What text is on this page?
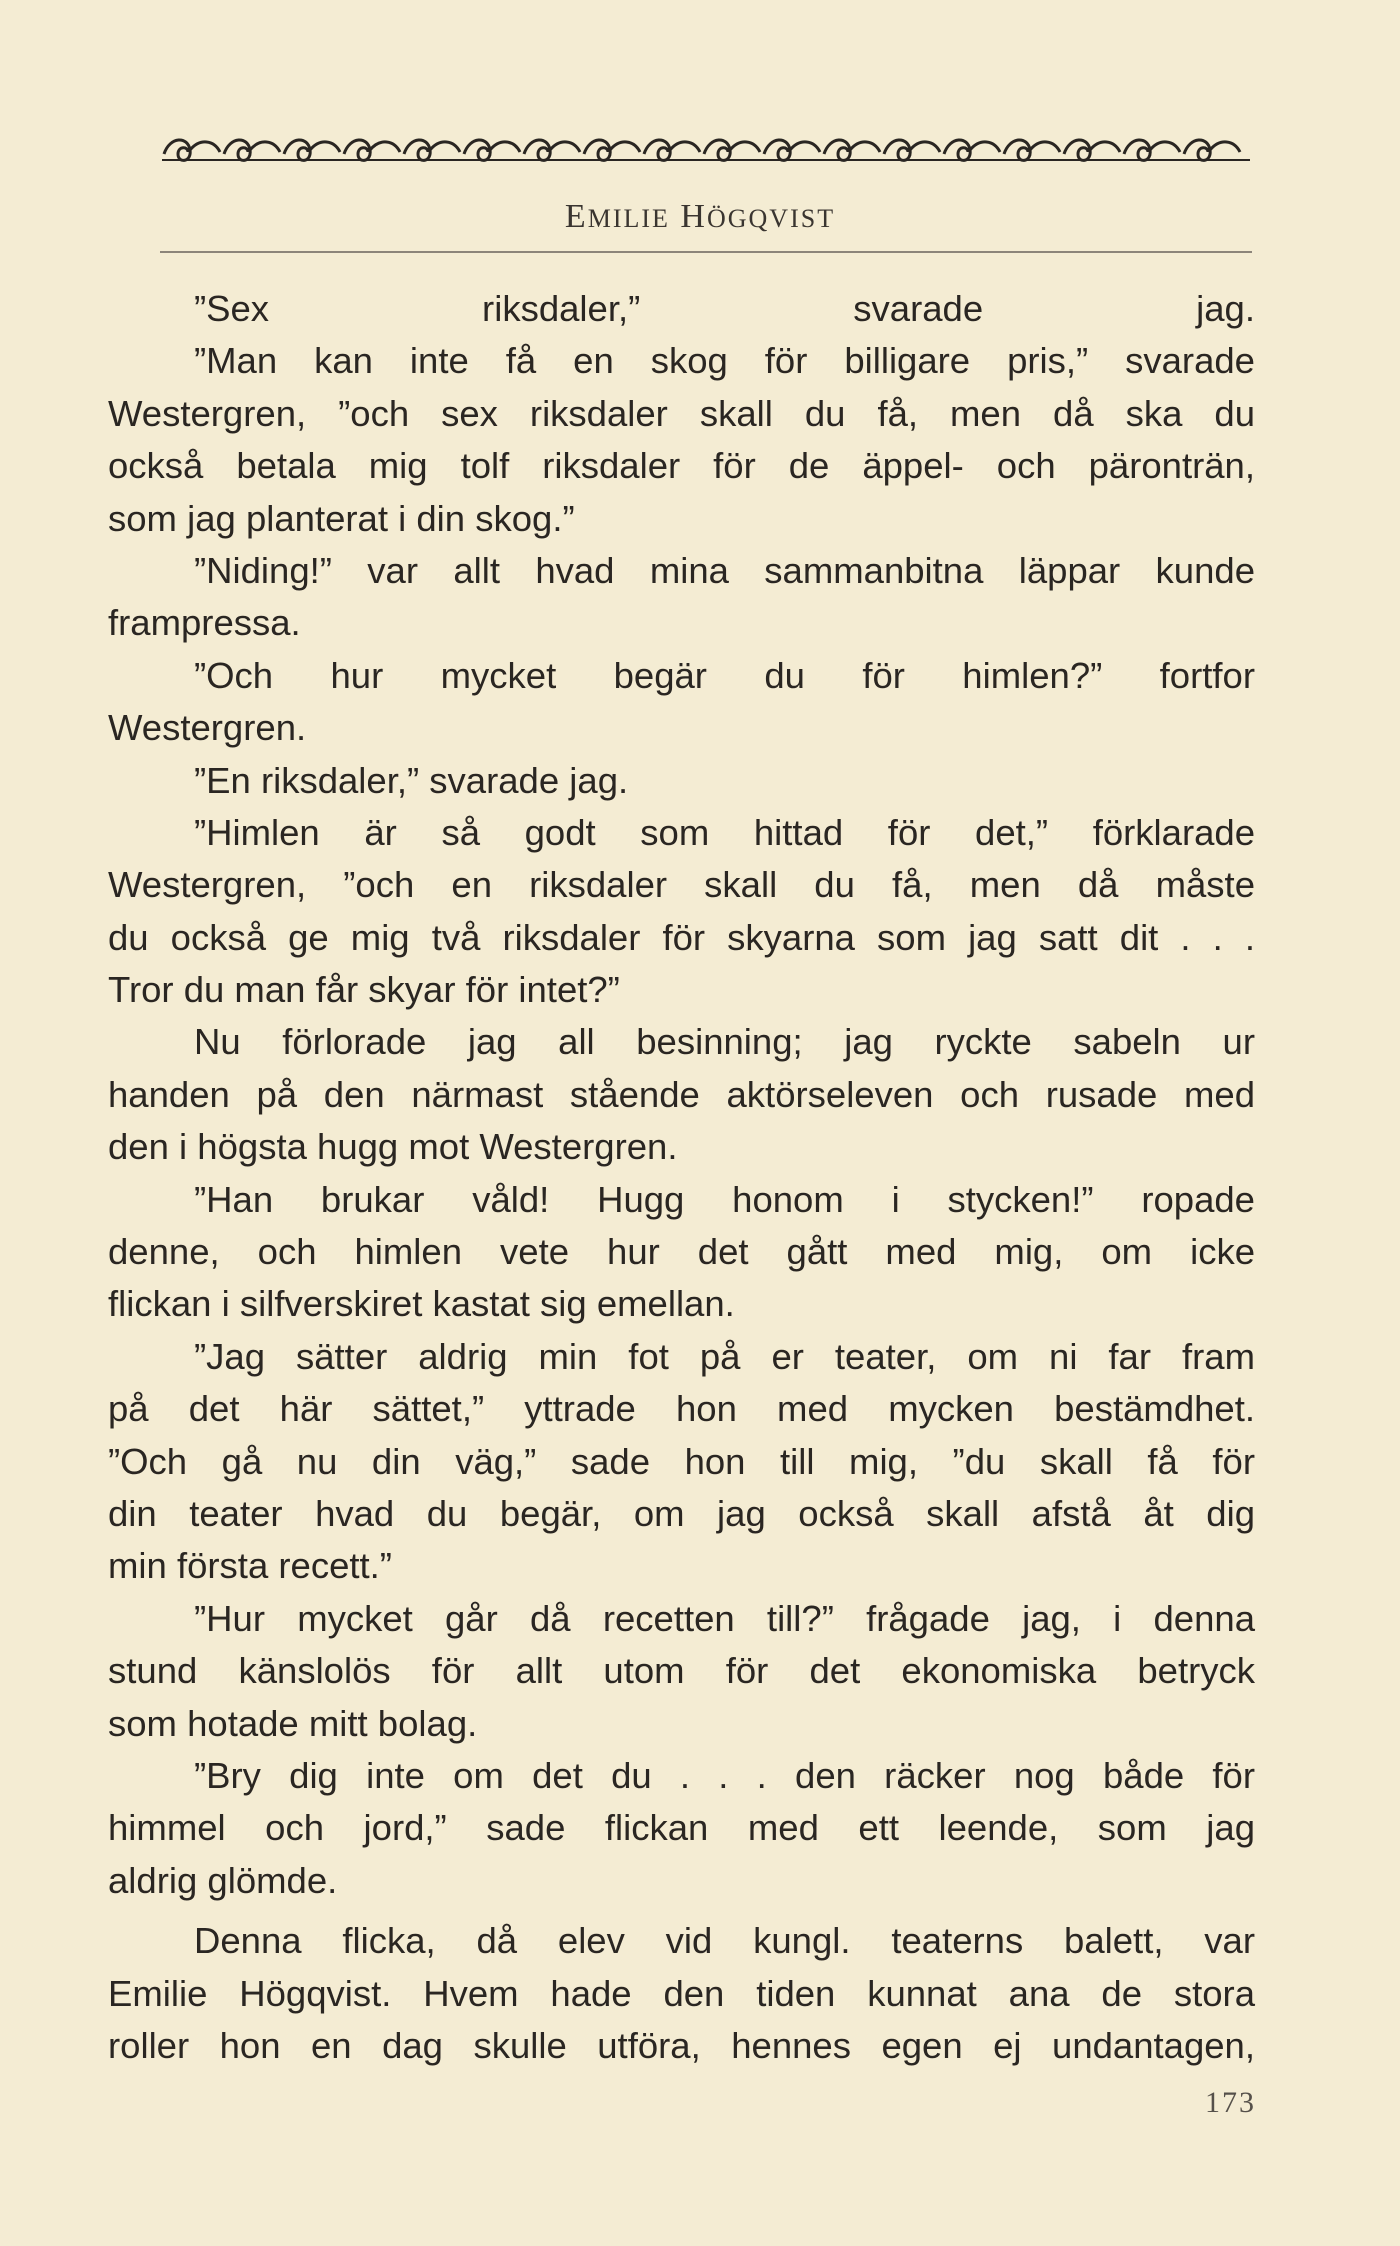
EMILIE HÖGQVIST
”Sex riksdaler,” svarade jag.
”Man kan inte få en skog för billigare pris,” svarade
Westergren, ”och sex riksdaler skall du få, men då ska du
också betala mig tolf riksdaler för de äppel- och päronträn,
som jag planterat i din skog.”
”Niding!” var allt hvad mina sammanbitna läppar kunde
frampressa.
”Och hur mycket begär du för himlen?” fortfor
Westergren.
”En riksdaler,” svarade jag.
”Himlen är så godt som hittad för det,” förklarade
Westergren, ”och en riksdaler skall du få, men då måste
du också ge mig två riksdaler för skyarna som jag satt dit . . .
Tror du man får skyar för intet?”
Nu förlorade jag all besinning; jag ryckte sabeln ur
handen på den närmast stående aktörseleven och rusade med
den i högsta hugg mot Westergren.
”Han brukar våld! Hugg honom i stycken!” ropade
denne, och himlen vete hur det gått med mig, om icke
flickan i silfverskiret kastat sig emellan.
”Jag sätter aldrig min fot på er teater, om ni far fram
på det här sättet,” yttrade hon med mycken bestämdhet.
”Och gå nu din väg,” sade hon till mig, ”du skall få för
din teater hvad du begär, om jag också skall afstå åt dig
min första recett.”
”Hur mycket går då recetten till?” frågade jag, i denna
stund känslolös för allt utom för det ekonomiska betryck
som hotade mitt bolag.
”Bry dig inte om det du . . . den räcker nog både för
himmel och jord,” sade flickan med ett leende, som jag
aldrig glömde.
Denna flicka, då elev vid kungl. teaterns balett, var
Emilie Högqvist. Hvem hade den tiden kunnat ana de stora
roller hon en dag skulle utföra, hennes egen ej undantagen,
173
